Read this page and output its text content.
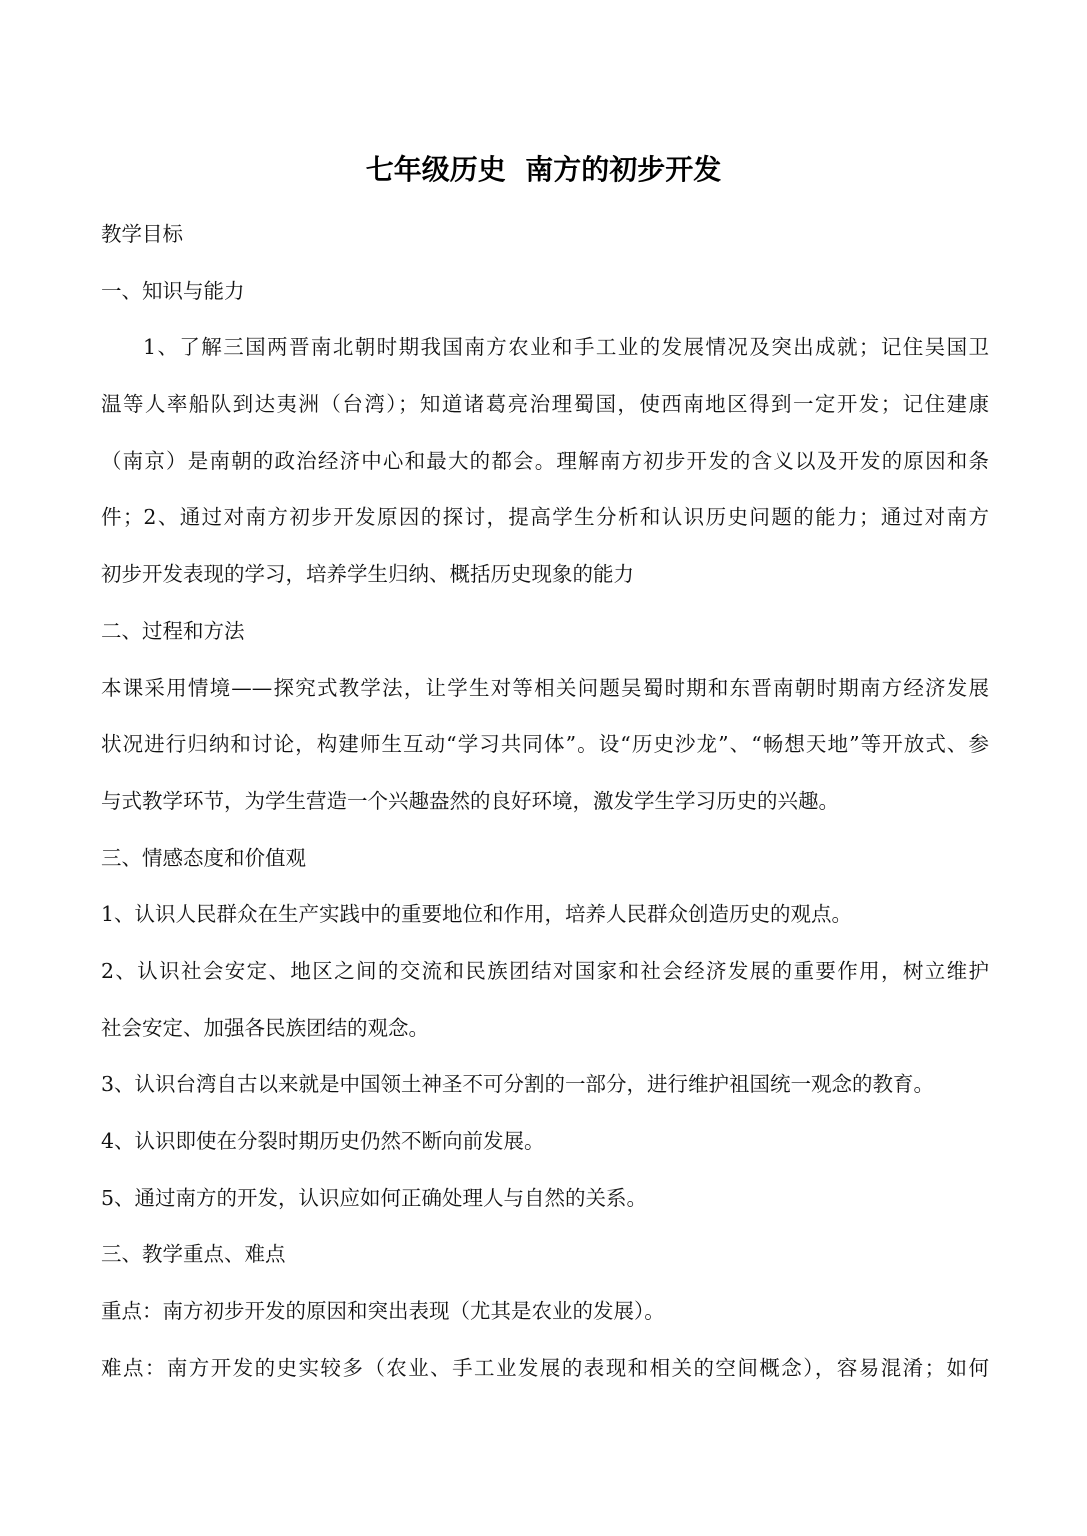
七年级历史  南方的初步开发

教学目标

一、知识与能力

1、了解三国两晋南北朝时期我国南方农业和手工业的发展情况及突出成就；记住吴国卫

温等人率船队到达夷洲（台湾）；知道诸葛亮治理蜀国，使西南地区得到一定开发；记住建康

（南京）是南朝的政治经济中心和最大的都会。理解南方初步开发的含义以及开发的原因和条

件；2、通过对南方初步开发原因的探讨，提高学生分析和认识历史问题的能力；通过对南方

初步开发表现的学习，培养学生归纳、概括历史现象的能力

二、过程和方法

本课采用情境——探究式教学法，让学生对等相关问题吴蜀时期和东晋南朝时期南方经济发展

状况进行归纳和讨论，构建师生互动“学习共同体”。设“历史沙龙”、“畅想天地”等开放式、参

与式教学环节，为学生营造一个兴趣盎然的良好环境，激发学生学习历史的兴趣。

三、情感态度和价值观

1、认识人民群众在生产实践中的重要地位和作用，培养人民群众创造历史的观点。

2、认识社会安定、地区之间的交流和民族团结对国家和社会经济发展的重要作用，树立维护

社会安定、加强各民族团结的观念。

3、认识台湾自古以来就是中国领土神圣不可分割的一部分，进行维护祖国统一观念的教育。

4、认识即使在分裂时期历史仍然不断向前发展。

5、通过南方的开发，认识应如何正确处理人与自然的关系。

三、教学重点、难点

重点：南方初步开发的原因和突出表现（尤其是农业的发展）。

难点：南方开发的史实较多（农业、手工业发展的表现和相关的空间概念），容易混淆；如何
